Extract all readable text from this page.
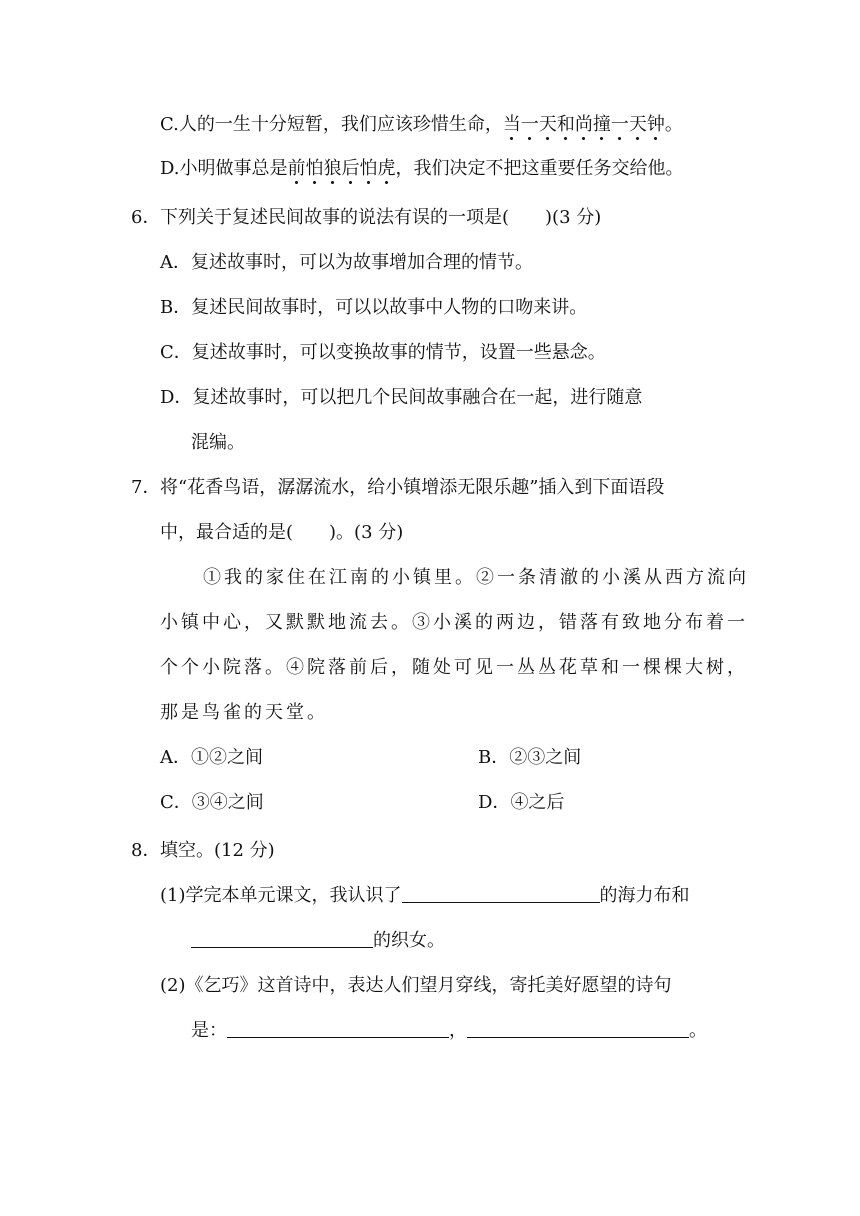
C.人的一生十分短暂，我们应该珍惜生命，当一天和尚撞一天钟。
D.小明做事总是前怕狼后怕虎，我们决定不把这重要任务交给他。
6． 下列关于复述民间故事的说法有误的一项是(　　)(3 分)
A．复述故事时，可以为故事增加合理的情节。
B．复述民间故事时，可以以故事中人物的口吻来讲。
C．复述故事时，可以变换故事的情节，设置一些悬念。
D．复述故事时，可以把几个民间故事融合在一起，进行随意
混编。
7． 将“花香鸟语，潺潺流水，给小镇增添无限乐趣”插入到下面语段
中，最合适的是(　　)。(3 分)
①我的家住在江南的小镇里。②一条清澈的小溪从西方流向
小镇中心，又默默地流去。③小溪的两边，错落有致地分布着一
个个小院落。④院落前后，随处可见一丛丛花草和一棵棵大树，
那是鸟雀的天堂。
A．①②之间	B．②③之间
C．③④之间	D．④之后
8． 填空。(12 分)
(1)学完本单元课文，我认识了	的海力布和
的织女。
(2)《乞巧》这首诗中，表达人们望月穿线，寄托美好愿望的诗句
是：	，	。
